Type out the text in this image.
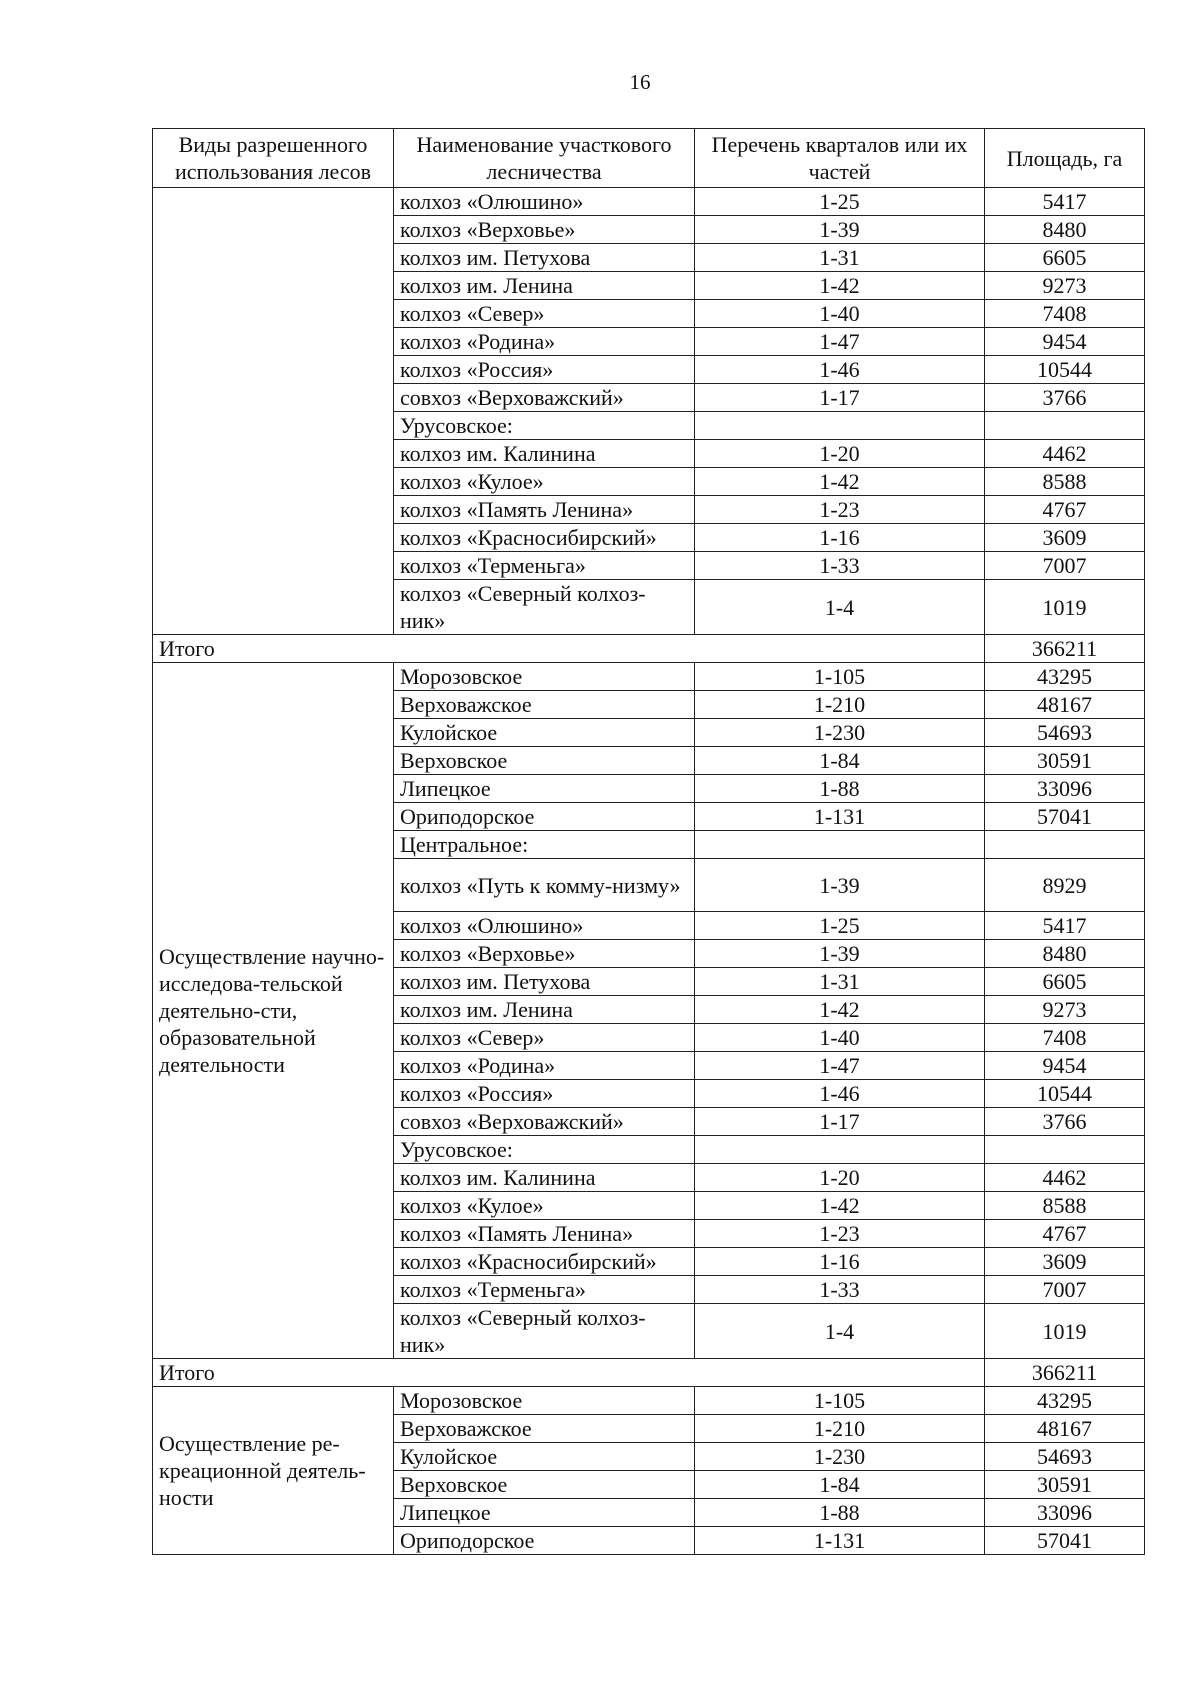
16
Виды разрешенного использования лесов	Наименование участкового лесничества	Перечень кварталов или их частей	Площадь, га
	колхоз «Олюшино»	1-25	5417
	колхоз «Верховье»	1-39	8480
	колхоз им. Петухова	1-31	6605
	колхоз им. Ленина	1-42	9273
	колхоз «Север»	1-40	7408
	колхоз «Родина»	1-47	9454
	колхоз «Россия»	1-46	10544
	совхоз «Верховажский»	1-17	3766
	Урусовское:		
	колхоз им. Калинина	1-20	4462
	колхоз «Кулое»	1-42	8588
	колхоз «Память Ленина»	1-23	4767
	колхоз «Красносибирский»	1-16	3609
	колхоз «Терменьга»	1-33	7007
	колхоз «Северный колхоз-ник»	1-4	1019
Итого			366211
Осуществление научно-исследова-тельской деятельно-сти, образовательной деятельности	Морозовское	1-105	43295
	Верховажское	1-210	48167
	Кулойское	1-230	54693
	Верховское	1-84	30591
	Липецкое	1-88	33096
	Ориподорское	1-131	57041
	Центральное:		
	колхоз «Путь к комму-низму»	1-39	8929
	колхоз «Олюшино»	1-25	5417
	колхоз «Верховье»	1-39	8480
	колхоз им. Петухова	1-31	6605
	колхоз им. Ленина	1-42	9273
	колхоз «Север»	1-40	7408
	колхоз «Родина»	1-47	9454
	колхоз «Россия»	1-46	10544
	совхоз «Верховажский»	1-17	3766
	Урусовское:		
	колхоз им. Калинина	1-20	4462
	колхоз «Кулое»	1-42	8588
	колхоз «Память Ленина»	1-23	4767
	колхоз «Красносибирский»	1-16	3609
	колхоз «Терменьга»	1-33	7007
	колхоз «Северный колхоз-ник»	1-4	1019
Итого			366211
Осуществление ре-креационной деятель-ности	Морозовское	1-105	43295
	Верховажское	1-210	48167
	Кулойское	1-230	54693
	Верховское	1-84	30591
	Липецкое	1-88	33096
	Ориподорское	1-131	57041
